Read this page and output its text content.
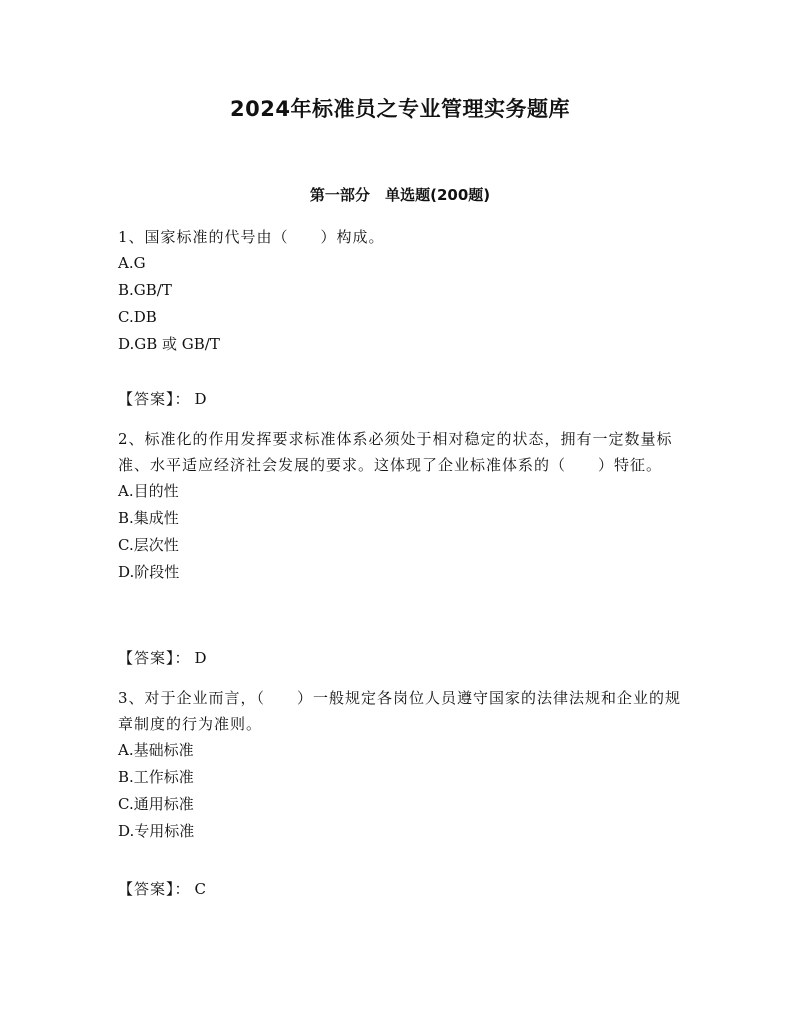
2024年标准员之专业管理实务题库
第一部分 单选题(200题)

1、国家标准的代号由（　　）构成。

A.G

B.GB/T

C.DB

D.GB 或 GB/T

【答案】： D

2、标准化的作用发挥要求标准体系必须处于相对稳定的状态，拥有一定数量标准、水平适应经济社会发展的要求。这体现了企业标准体系的（　　）特征。

A.目的性

B.集成性

C.层次性

D.阶段性

【答案】： D

3、对于企业而言，（　　）一般规定各岗位人员遵守国家的法律法规和企业的规章制度的行为准则。

A.基础标准

B.工作标准

C.通用标准

D.专用标准

【答案】： C
